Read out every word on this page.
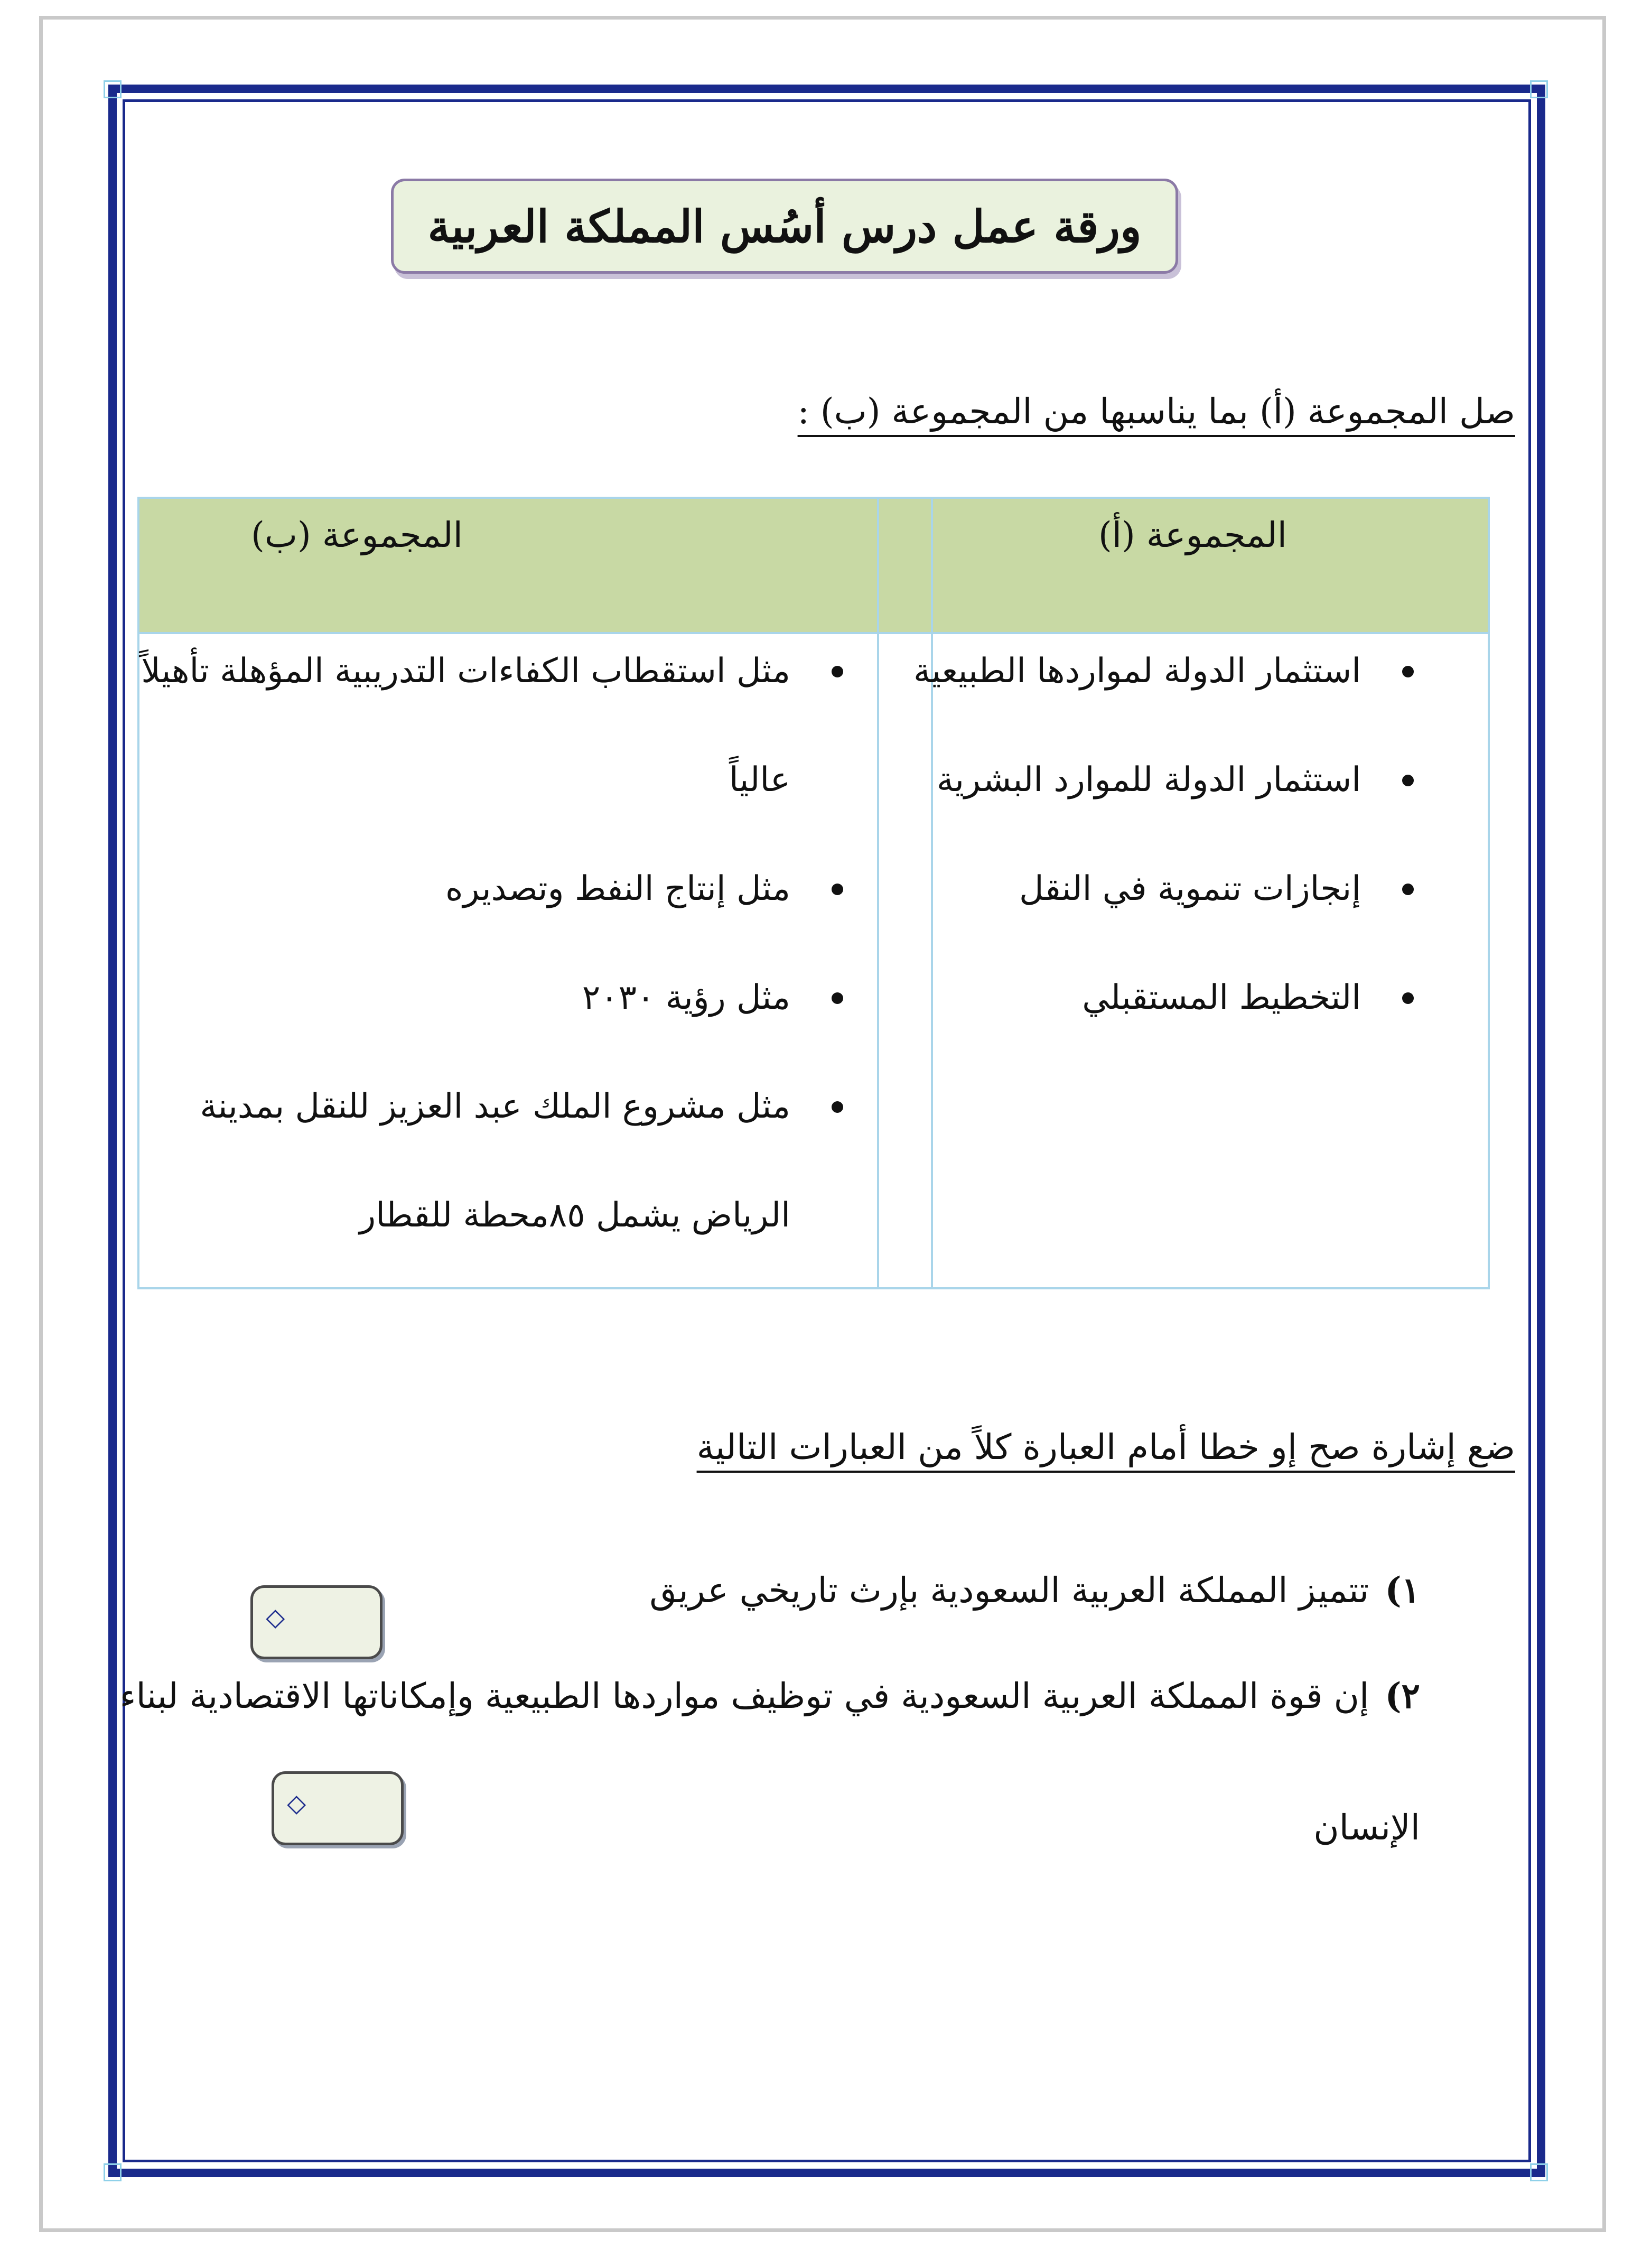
ورقة عمل درس أسُس المملكة العربية
صل المجموعة (أ) بما يناسبها من المجموعة (ب) :
المجموعة (أ)
المجموعة (ب)
استثمار الدولة لمواردها الطبيعية
استثمار الدولة للموارد البشرية
إنجازات تنموية في النقل
التخطيط المستقبلي
مثل استقطاب الكفاءات التدريبية المؤهلة تأهيلاً
عالياً
مثل إنتاج النفط وتصديره
مثل رؤية ٢٠٣٠
مثل مشروع الملك عبد العزيز للنقل بمدينة
الرياض يشمل ٨٥محطة للقطار
ضع إشارة صح إو خطا أمام العبارة كلاً من العبارات التالية
١)تتميز المملكة العربية السعودية بإرث تاريخي عريق
⬦
٢)إن قوة المملكة العربية السعودية في توظيف مواردها الطبيعية وإمكاناتها الاقتصادية لبناء
الإنسان
⬦
